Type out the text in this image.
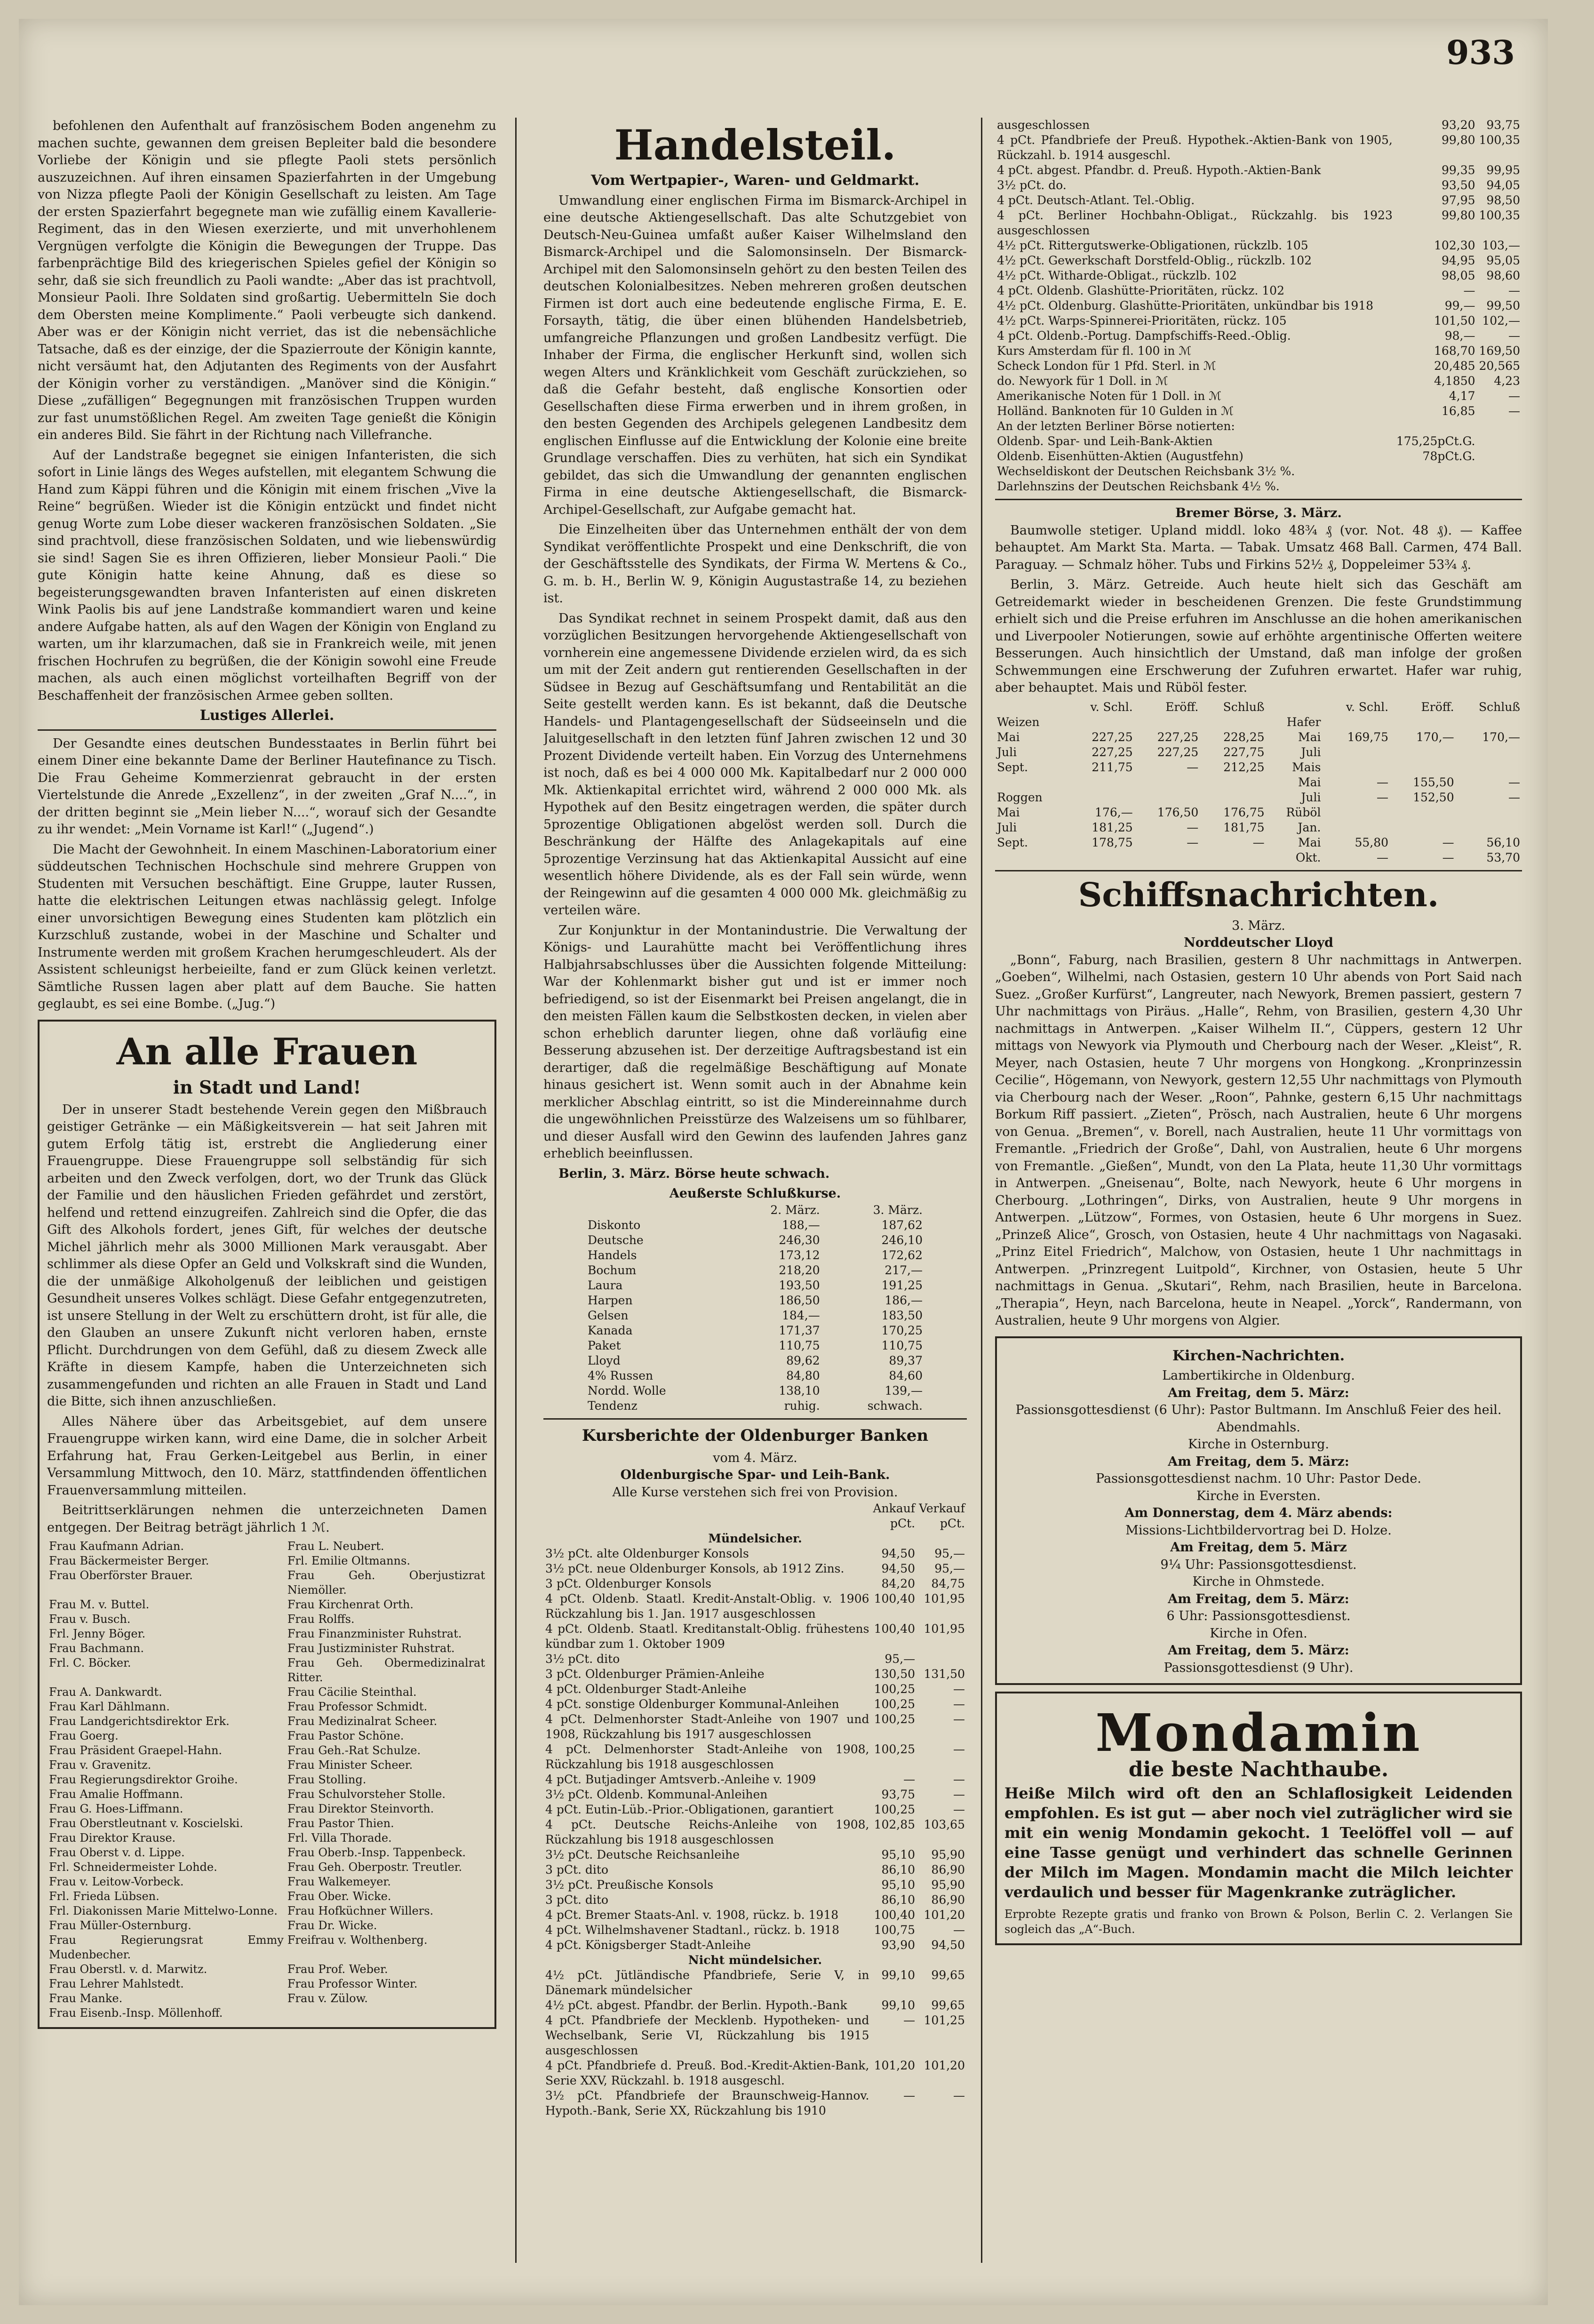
933

befohlenen den Aufenthalt auf französischem Boden angenehm zu machen suchte, gewannen dem greisen Bepleiter bald die besondere Vorliebe der Königin und sie pflegte Paoli stets persönlich auszuzeichnen. Auf ihren einsamen Spazierfahrten in der Umgebung von Nizza pflegte Paoli der Königin Gesellschaft zu leisten. Am Tage der ersten Spazierfahrt begegnete man wie zufällig einem Kavallerie-Regiment, das in den Wiesen exerzierte, und mit unverhohlenem Vergnügen verfolgte die Königin die Bewegungen der Truppe. Das farbenprächtige Bild des kriegerischen Spieles gefiel der Königin so sehr, daß sie sich freundlich zu Paoli wandte: „Aber das ist prachtvoll, Monsieur Paoli. Ihre Soldaten sind großartig. Uebermitteln Sie doch dem Obersten meine Komplimente.“ Paoli verbeugte sich dankend. Aber was er der Königin nicht verriet, das ist die nebensächliche Tatsache, daß es der einzige, der die Spazierroute der Königin kannte, nicht versäumt hat, den Adjutanten des Regiments von der Ausfahrt der Königin vorher zu verständigen. „Manöver sind die Königin.“ Diese „zufälligen“ Begegnungen mit französischen Truppen wurden zur fast unumstößlichen Regel. Am zweiten Tage genießt die Königin ein anderes Bild. Sie fährt in der Richtung nach Villefranche.

Auf der Landstraße begegnet sie einigen Infanteristen, die sich sofort in Linie längs des Weges aufstellen, mit elegantem Schwung die Hand zum Käppi führen und die Königin mit einem frischen „Vive la Reine“ begrüßen. Wieder ist die Königin entzückt und findet nicht genug Worte zum Lobe dieser wackeren französischen Soldaten. „Sie sind prachtvoll, diese französischen Soldaten, und wie liebenswürdig sie sind! Sagen Sie es ihren Offizieren, lieber Monsieur Paoli.“ Die gute Königin hatte keine Ahnung, daß es diese so begeisterungsgewandten braven Infanteristen auf einen diskreten Wink Paolis bis auf jene Landstraße kommandiert waren und keine andere Aufgabe hatten, als auf den Wagen der Königin von England zu warten, um ihr klarzumachen, daß sie in Frankreich weile, mit jenen frischen Hochrufen zu begrüßen, die der Königin sowohl eine Freude machen, als auch einen möglichst vorteilhaften Begriff von der Beschaffenheit der französischen Armee geben sollten.

Lustiges Allerlei.

Der Gesandte eines deutschen Bundesstaates in Berlin führt bei einem Diner eine bekannte Dame der Berliner Hautefinance zu Tisch. Die Frau Geheime Kommerzienrat gebraucht in der ersten Viertelstunde die Anrede „Exzellenz“, in der zweiten „Graf N....“, in der dritten beginnt sie „Mein lieber N....“, worauf sich der Gesandte zu ihr wendet: „Mein Vorname ist Karl!“ („Jugend“.)

Die Macht der Gewohnheit. In einem Maschinen-Laboratorium einer süddeutschen Technischen Hochschule sind mehrere Gruppen von Studenten mit Versuchen beschäftigt. Eine Gruppe, lauter Russen, hatte die elektrischen Leitungen etwas nachlässig gelegt. Infolge einer unvorsichtigen Bewegung eines Studenten kam plötzlich ein Kurzschluß zustande, wobei in der Maschine und Schalter und Instrumente werden mit großem Krachen herumgeschleudert. Als der Assistent schleunigst herbeieilte, fand er zum Glück keinen verletzt. Sämtliche Russen lagen aber platt auf dem Bauche. Sie hatten geglaubt, es sei eine Bombe. („Jug.“)

An alle Frauen
in Stadt und Land!

Der in unserer Stadt bestehende Verein gegen den Mißbrauch geistiger Getränke — ein Mäßigkeitsverein — hat seit Jahren mit gutem Erfolg tätig ist, erstrebt die Angliederung einer Frauengruppe. Diese Frauengruppe soll selbständig für sich arbeiten und den Zweck verfolgen, dort, wo der Trunk das Glück der Familie und den häuslichen Frieden gefährdet und zerstört, helfend und rettend einzugreifen. Zahlreich sind die Opfer, die das Gift des Alkohols fordert, jenes Gift, für welches der deutsche Michel jährlich mehr als 3000 Millionen Mark verausgabt. Aber schlimmer als diese Opfer an Geld und Volkskraft sind die Wunden, die der unmäßige Alkoholgenuß der leiblichen und geistigen Gesundheit unseres Volkes schlägt. Diese Gefahr entgegenzutreten, ist unsere Stellung in der Welt zu erschüttern droht, ist für alle, die den Glauben an unsere Zukunft nicht verloren haben, ernste Pflicht. Durchdrungen von dem Gefühl, daß zu diesem Zweck alle Kräfte in diesem Kampfe, haben die Unterzeichneten sich zusammengefunden und richten an alle Frauen in Stadt und Land die Bitte, sich ihnen anzuschließen.

Alles Nähere über das Arbeitsgebiet, auf dem unsere Frauengruppe wirken kann, wird eine Dame, die in solcher Arbeit Erfahrung hat, Frau Gerken-Leitgebel aus Berlin, in einer Versammlung Mittwoch, den 10. März, stattfindenden öffentlichen Frauenversammlung mitteilen.

Beitrittserklärungen nehmen die unterzeichneten Damen entgegen. Der Beitrag beträgt jährlich 1 ℳ.

Frau Kaufmann Adrian.	Frau L. Neubert.
Frau Bäckermeister Berger.	Frl. Emilie Oltmanns.
Frau Oberförster Brauer.	Frau Geh. Oberjustizrat Niemöller.
Frau M. v. Buttel.	Frau Kirchenrat Orth.
Frau v. Busch.	Frau Rolffs.
Frl. Jenny Böger.	Frau Finanzminister Ruhstrat.
Frau Bachmann.	Frau Justizminister Ruhstrat.
Frl. C. Böcker.	Frau Geh. Obermedizinalrat Ritter.
Frau A. Dankwardt.	Frau Cäcilie Steinthal.
Frau Karl Dählmann.	Frau Professor Schmidt.
Frau Landgerichtsdirektor Erk.	Frau Medizinalrat Scheer.
Frau Goerg.	Frau Pastor Schöne.
Frau Präsident Graepel-Hahn.	Frau Geh.-Rat Schulze.
Frau v. Gravenitz.	Frau Minister Scheer.
Frau Regierungsdirektor Groihe.	Frau Stolling.
Frau Amalie Hoffmann.	Frau Schulvorsteher Stolle.
Frau G. Hoes-Liffmann.	Frau Direktor Steinvorth.
Frau Oberstleutnant v. Koscielski.	Frau Pastor Thien.
Frau Direktor Krause.	Frl. Villa Thorade.
Frau Oberst v. d. Lippe.	Frau Oberb.-Insp. Tappenbeck.
Frl. Schneidermeister Lohde.	Frau Geh. Oberpostr. Treutler.
Frau v. Leitow-Vorbeck.	Frau Walkemeyer.
Frl. Frieda Lübsen.	Frau Ober. Wicke.
Frl. Diakonissen Marie Mittelwo-Lonne.	Frau Hofküchner Willers.
Frau Müller-Osternburg.	Frau Dr. Wicke.
Frau Regierungsrat Emmy Mudenbecher.	Freifrau v. Wolthenberg.
Frau Oberstl. v. d. Marwitz.	Frau Prof. Weber.
Frau Lehrer Mahlstedt.	Frau Professor Winter.
Frau Manke.	Frau v. Zülow.
Frau Eisenb.-Insp. Möllenhoff.	
Handelsteil.
Vom Wertpapier-, Waren- und Geldmarkt.

Umwandlung einer englischen Firma im Bismarck-Archipel in eine deutsche Aktiengesellschaft. Das alte Schutzgebiet von Deutsch-Neu-Guinea umfaßt außer Kaiser Wilhelmsland den Bismarck-Archipel und die Salomonsinseln. Der Bismarck-Archipel mit den Salomonsinseln gehört zu den besten Teilen des deutschen Kolonialbesitzes. Neben mehreren großen deutschen Firmen ist dort auch eine bedeutende englische Firma, E. E. Forsayth, tätig, die über einen blühenden Handelsbetrieb, umfangreiche Pflanzungen und großen Landbesitz verfügt. Die Inhaber der Firma, die englischer Herkunft sind, wollen sich wegen Alters und Kränklichkeit vom Geschäft zurückziehen, so daß die Gefahr besteht, daß englische Konsortien oder Gesellschaften diese Firma erwerben und in ihrem großen, in den besten Gegenden des Archipels gelegenen Landbesitz dem englischen Einflusse auf die Entwicklung der Kolonie eine breite Grundlage verschaffen. Dies zu verhüten, hat sich ein Syndikat gebildet, das sich die Umwandlung der genannten englischen Firma in eine deutsche Aktiengesellschaft, die Bismarck-Archipel-Gesellschaft, zur Aufgabe gemacht hat.

Die Einzelheiten über das Unternehmen enthält der von dem Syndikat veröffentlichte Prospekt und eine Denkschrift, die von der Geschäftsstelle des Syndikats, der Firma W. Mertens & Co., G. m. b. H., Berlin W. 9, Königin Augustastraße 14, zu beziehen ist.

Das Syndikat rechnet in seinem Prospekt damit, daß aus den vorzüglichen Besitzungen hervorgehende Aktiengesellschaft von vornherein eine angemessene Dividende erzielen wird, da es sich um mit der Zeit andern gut rentierenden Gesellschaften in der Südsee in Bezug auf Geschäftsumfang und Rentabilität an die Seite gestellt werden kann. Es ist bekannt, daß die Deutsche Handels- und Plantagengesellschaft der Südseeinseln und die Jaluitgesellschaft in den letzten fünf Jahren zwischen 12 und 30 Prozent Dividende verteilt haben. Ein Vorzug des Unternehmens ist noch, daß es bei 4 000 000 Mk. Kapitalbedarf nur 2 000 000 Mk. Aktienkapital errichtet wird, während 2 000 000 Mk. als Hypothek auf den Besitz eingetragen werden, die später durch 5prozentige Obligationen abgelöst werden soll. Durch die Beschränkung der Hälfte des Anlagekapitals auf eine 5prozentige Verzinsung hat das Aktienkapital Aussicht auf eine wesentlich höhere Dividende, als es der Fall sein würde, wenn der Reingewinn auf die gesamten 4 000 000 Mk. gleichmäßig zu verteilen wäre.

Zur Konjunktur in der Montanindustrie. Die Verwaltung der Königs- und Laurahütte macht bei Veröffentlichung ihres Halbjahrsabschlusses über die Aussichten folgende Mitteilung: War der Kohlenmarkt bisher gut und ist er immer noch befriedigend, so ist der Eisenmarkt bei Preisen angelangt, die in den meisten Fällen kaum die Selbstkosten decken, in vielen aber schon erheblich darunter liegen, ohne daß vorläufig eine Besserung abzusehen ist. Der derzeitige Auftragsbestand ist ein derartiger, daß die regelmäßige Beschäftigung auf Monate hinaus gesichert ist. Wenn somit auch in der Abnahme kein merklicher Abschlag eintritt, so ist die Mindereinnahme durch die ungewöhnlichen Preisstürze des Walzeisens um so fühlbarer, und dieser Ausfall wird den Gewinn des laufenden Jahres ganz erheblich beeinflussen.

Berlin, 3. März. Börse heute schwach.

Aeußerste Schlußkurse.
	2. März.	3. März.
Diskonto	188,—	187,62
Deutsche	246,30	246,10
Handels	173,12	172,62
Bochum	218,20	217,—
Laura	193,50	191,25
Harpen	186,50	186,—
Gelsen	184,—	183,50
Kanada	171,37	170,25
Paket	110,75	110,75
Lloyd	89,62	89,37
4% Russen	84,80	84,60
Nordd. Wolle	138,10	139,—
Tendenz	ruhig.	schwach.
Kursberichte der Oldenburger Banken
vom 4. März.
Oldenburgische Spar- und Leih-Bank.
Alle Kurse verstehen sich frei von Provision.
	Ankauf	Verkauf
	pCt.	pCt.
Mündelsicher.		
3½ pCt. alte Oldenburger Konsols	94,50	95,—
3½ pCt. neue Oldenburger Konsols, ab 1912 Zins.	94,50	95,—
3 pCt. Oldenburger Konsols	84,20	84,75
4 pCt. Oldenb. Staatl. Kredit-Anstalt-Oblig. v. 1906 Rückzahlung bis 1. Jan. 1917 ausgeschlossen	100,40	101,95
4 pCt. Oldenb. Staatl. Kreditanstalt-Oblig. frühestens kündbar zum 1. Oktober 1909	100,40	101,95
3½ pCt. dito	95,—	
3 pCt. Oldenburger Prämien-Anleihe	130,50	131,50
4 pCt. Oldenburger Stadt-Anleihe	100,25	—
4 pCt. sonstige Oldenburger Kommunal-Anleihen	100,25	—
4 pCt. Delmenhorster Stadt-Anleihe von 1907 und 1908, Rückzahlung bis 1917 ausgeschlossen	100,25	—
4 pCt. Delmenhorster Stadt-Anleihe von 1908, Rückzahlung bis 1918 ausgeschlossen	100,25	—
4 pCt. Butjadinger Amtsverb.-Anleihe v. 1909	—	—
3½ pCt. Oldenb. Kommunal-Anleihen	93,75	—
4 pCt. Eutin-Lüb.-Prior.-Obligationen, garantiert	100,25	—
4 pCt. Deutsche Reichs-Anleihe von 1908, Rückzahlung bis 1918 ausgeschlossen	102,85	103,65
3½ pCt. Deutsche Reichsanleihe	95,10	95,90
3 pCt. dito	86,10	86,90
3½ pCt. Preußische Konsols	95,10	95,90
3 pCt. dito	86,10	86,90
4 pCt. Bremer Staats-Anl. v. 1908, rückz. b. 1918	100,40	101,20
4 pCt. Wilhelmshavener Stadtanl., rückz. b. 1918	100,75	—
4 pCt. Königsberger Stadt-Anleihe	93,90	94,50
Nicht mündelsicher.		
4½ pCt. Jütländische Pfandbriefe, Serie V, in Dänemark mündelsicher	99,10	99,65
4½ pCt. abgest. Pfandbr. der Berlin. Hypoth.-Bank	99,10	99,65
4 pCt. Pfandbriefe der Mecklenb. Hypotheken- und Wechselbank, Serie VI, Rückzahlung bis 1915 ausgeschlossen	—	101,25
4 pCt. Pfandbriefe d. Preuß. Bod.-Kredit-Aktien-Bank, Serie XXV, Rückzahl. b. 1918 ausgeschl.	101,20	101,20
3½ pCt. Pfandbriefe der Braunschweig-Hannov. Hypoth.-Bank, Serie XX, Rückzahlung bis 1910	—	—
ausgeschlossen	93,20	93,75
4 pCt. Pfandbriefe der Preuß. Hypothek.-Aktien-Bank von 1905, Rückzahl. b. 1914 ausgeschl.	99,80	100,35
4 pCt. abgest. Pfandbr. d. Preuß. Hypoth.-Aktien-Bank	99,35	99,95
3½ pCt. do.	93,50	94,05
4 pCt. Deutsch-Atlant. Tel.-Oblig.	97,95	98,50
4 pCt. Berliner Hochbahn-Obligat., Rückzahlg. bis 1923 ausgeschlossen	99,80	100,35
4½ pCt. Rittergutswerke-Obligationen, rückzlb. 105	102,30	103,—
4½ pCt. Gewerkschaft Dorstfeld-Oblig., rückzlb. 102	94,95	95,05
4½ pCt. Witharde-Obligat., rückzlb. 102	98,05	98,60
4 pCt. Oldenb. Glashütte-Prioritäten, rückz. 102	—	—
4½ pCt. Oldenburg. Glashütte-Prioritäten, unkündbar bis 1918	99,—	99,50
4½ pCt. Warps-Spinnerei-Prioritäten, rückz. 105	101,50	102,—
4 pCt. Oldenb.-Portug. Dampfschiffs-Reed.-Oblig.	98,—	—
Kurs Amsterdam für fl. 100 in ℳ	168,70	169,50
Scheck London für 1 Pfd. Sterl. in ℳ	20,485	20,565
do. Newyork für 1 Doll. in ℳ	4,1850	4,23
Amerikanische Noten für 1 Doll. in ℳ	4,17	—
Holländ. Banknoten für 10 Gulden in ℳ	16,85	—
An der letzten Berliner Börse notierten:		
Oldenb. Spar- und Leih-Bank-Aktien	175,25pCt.G.	
Oldenb. Eisenhütten-Aktien (Augustfehn)	78pCt.G.	
Wechseldiskont der Deutschen Reichsbank 3½ %.		
Darlehnszins der Deutschen Reichsbank 4½ %.		
Bremer Börse, 3. März.

Baumwolle stetiger. Upland middl. loko 48¾ ₰ (vor. Not. 48 ₰). — Kaffee behauptet. Am Markt Sta. Marta. — Tabak. Umsatz 468 Ball. Carmen, 474 Ball. Paraguay. — Schmalz höher. Tubs und Firkins 52½ ₰, Doppeleimer 53¾ ₰.

Berlin, 3. März. Getreide. Auch heute hielt sich das Geschäft am Getreidemarkt wieder in bescheidenen Grenzen. Die feste Grundstimmung erhielt sich und die Preise erfuhren im Anschlusse an die hohen amerikanischen und Liverpooler Notierungen, sowie auf erhöhte argentinische Offerten weitere Besserungen. Auch hinsichtlich der Umstand, daß man infolge der großen Schwemmungen eine Erschwerung der Zufuhren erwartet. Hafer war ruhig, aber behauptet. Mais und Rüböl fester.

	v. Schl.	Eröff.	Schluß		v. Schl.	Eröff.	Schluß
Weizen				Hafer			
Mai	227,25	227,25	228,25	Mai	169,75	170,—	170,—
Juli	227,25	227,25	227,75	Juli			
Sept.	211,75	—	212,25	Mais			
				Mai	—	155,50	—
Roggen				Juli	—	152,50	—
Mai	176,—	176,50	176,75	Rüböl			
Juli	181,25	—	181,75	Jan.			
Sept.	178,75	—	—	Mai	55,80	—	56,10
				Okt.	—	—	53,70
Schiffsnachrichten.
3. März.
Norddeutscher Lloyd

„Bonn“, Faburg, nach Brasilien, gestern 8 Uhr nachmittags in Antwerpen. „Goeben“, Wilhelmi, nach Ostasien, gestern 10 Uhr abends von Port Said nach Suez. „Großer Kurfürst“, Langreuter, nach Newyork, Bremen passiert, gestern 7 Uhr nachmittags von Piräus. „Halle“, Rehm, von Brasilien, gestern 4,30 Uhr nachmittags in Antwerpen. „Kaiser Wilhelm II.“, Cüppers, gestern 12 Uhr mittags von Newyork via Plymouth und Cherbourg nach der Weser. „Kleist“, R. Meyer, nach Ostasien, heute 7 Uhr morgens von Hongkong. „Kronprinzessin Cecilie“, Högemann, von Newyork, gestern 12,55 Uhr nachmittags von Plymouth via Cherbourg nach der Weser. „Roon“, Pahnke, gestern 6,15 Uhr nachmittags Borkum Riff passiert. „Zieten“, Prösch, nach Australien, heute 6 Uhr morgens von Genua. „Bremen“, v. Borell, nach Australien, heute 11 Uhr vormittags von Fremantle. „Friedrich der Große“, Dahl, von Australien, heute 6 Uhr morgens von Fremantle. „Gießen“, Mundt, von den La Plata, heute 11,30 Uhr vormittags in Antwerpen. „Gneisenau“, Bolte, nach Newyork, heute 6 Uhr morgens in Cherbourg. „Lothringen“, Dirks, von Australien, heute 9 Uhr morgens in Antwerpen. „Lützow“, Formes, von Ostasien, heute 6 Uhr morgens in Suez. „Prinzeß Alice“, Grosch, von Ostasien, heute 4 Uhr nachmittags von Nagasaki. „Prinz Eitel Friedrich“, Malchow, von Ostasien, heute 1 Uhr nachmittags in Antwerpen. „Prinzregent Luitpold“, Kirchner, von Ostasien, heute 5 Uhr nachmittags in Genua. „Skutari“, Rehm, nach Brasilien, heute in Barcelona. „Therapia“, Heyn, nach Barcelona, heute in Neapel. „Yorck“, Randermann, von Australien, heute 9 Uhr morgens von Algier.

Kirchen-Nachrichten.
Lambertikirche in Oldenburg.
Am Freitag, dem 5. März:
Passionsgottesdienst (6 Uhr): Pastor Bultmann. Im Anschluß Feier des heil. Abendmahls.
Kirche in Osternburg.
Am Freitag, dem 5. März:
Passionsgottesdienst nachm. 10 Uhr: Pastor Dede.
Kirche in Eversten.
Am Donnerstag, dem 4. März abends:
Missions-Lichtbildervortrag bei D. Holze.
Am Freitag, dem 5. März
9¼ Uhr: Passionsgottesdienst.
Kirche in Ohmstede.
Am Freitag, dem 5. März:
6 Uhr: Passionsgottesdienst.
Kirche in Ofen.
Am Freitag, dem 5. März:
Passionsgottesdienst (9 Uhr).
Mondamin
die beste Nachthaube.
Heiße Milch wird oft den an Schlaflosigkeit Leidenden empfohlen. Es ist gut — aber noch viel zuträglicher wird sie mit ein wenig Mondamin gekocht. 1 Teelöffel voll — auf eine Tasse genügt und verhindert das schnelle Gerinnen der Milch im Magen. Mondamin macht die Milch leichter verdaulich und besser für Magenkranke zuträglicher.
Erprobte Rezepte gratis und franko von Brown & Polson, Berlin C. 2. Verlangen Sie sogleich das „A“-Buch.
